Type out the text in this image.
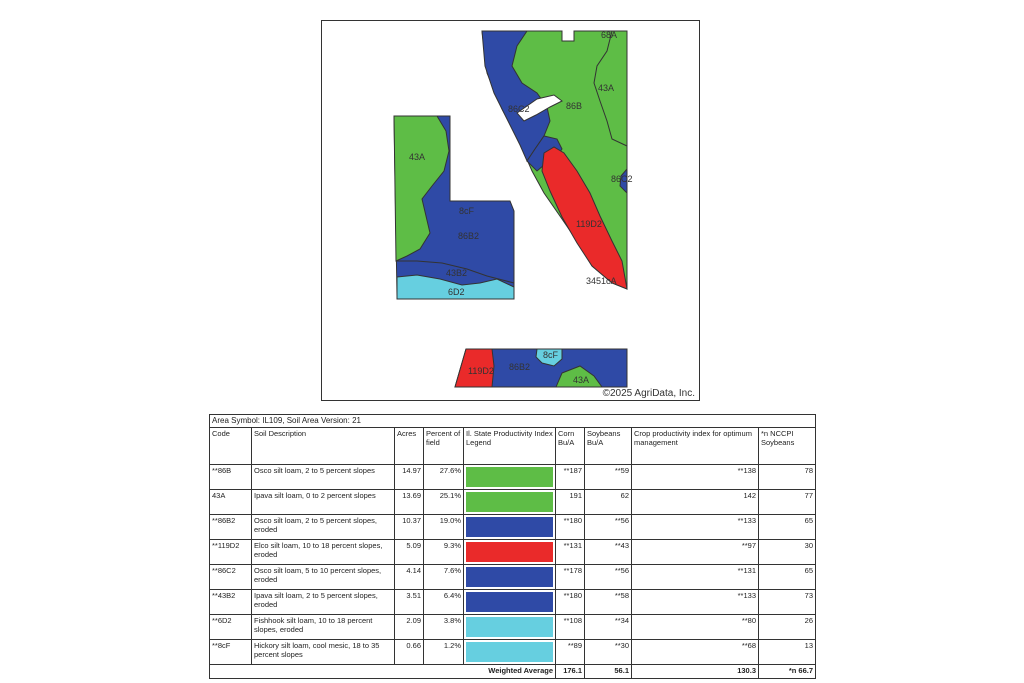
68A
43A
86C2	86B
86C2
119D2
3451cA
43A
8cF
86B2
43B2
6D2
119D2 86B2
8cF
43A
©2025 AgriData, Inc.
Area Symbol: IL109, Soil Area Version: 21								
Code	Soil Description	Acres	Percent of field	Il. State Productivity Index Legend	Corn Bu/A	Soybeans Bu/A	Crop productivity index for optimum management	*n NCCPI Soybeans
**86B	Osco silt loam, 2 to 5 percent slopes	14.97	27.6%		**187	**59	**138	78
43A	Ipava silt loam, 0 to 2 percent slopes	13.69	25.1%		191	62	142	77
**86B2	Osco silt loam, 2 to 5 percent slopes, eroded	10.37	19.0%		**180	**56	**133	65
**119D2	Elco silt loam, 10 to 18 percent slopes, eroded	5.09	9.3%		**131	**43	**97	30
**86C2	Osco silt loam, 5 to 10 percent slopes, eroded	4.14	7.6%		**178	**56	**131	65
**43B2	Ipava silt loam, 2 to 5 percent slopes, eroded	3.51	6.4%		**180	**58	**133	73
**6D2	Fishhook silt loam, 10 to 18 percent slopes, eroded	2.09	3.8%		**108	**34	**80	26
**8cF	Hickory silt loam, cool mesic, 18 to 35 percent slopes	0.66	1.2%		**89	**30	**68	13
Weighted Average					176.1	56.1	130.3	*n 66.7
